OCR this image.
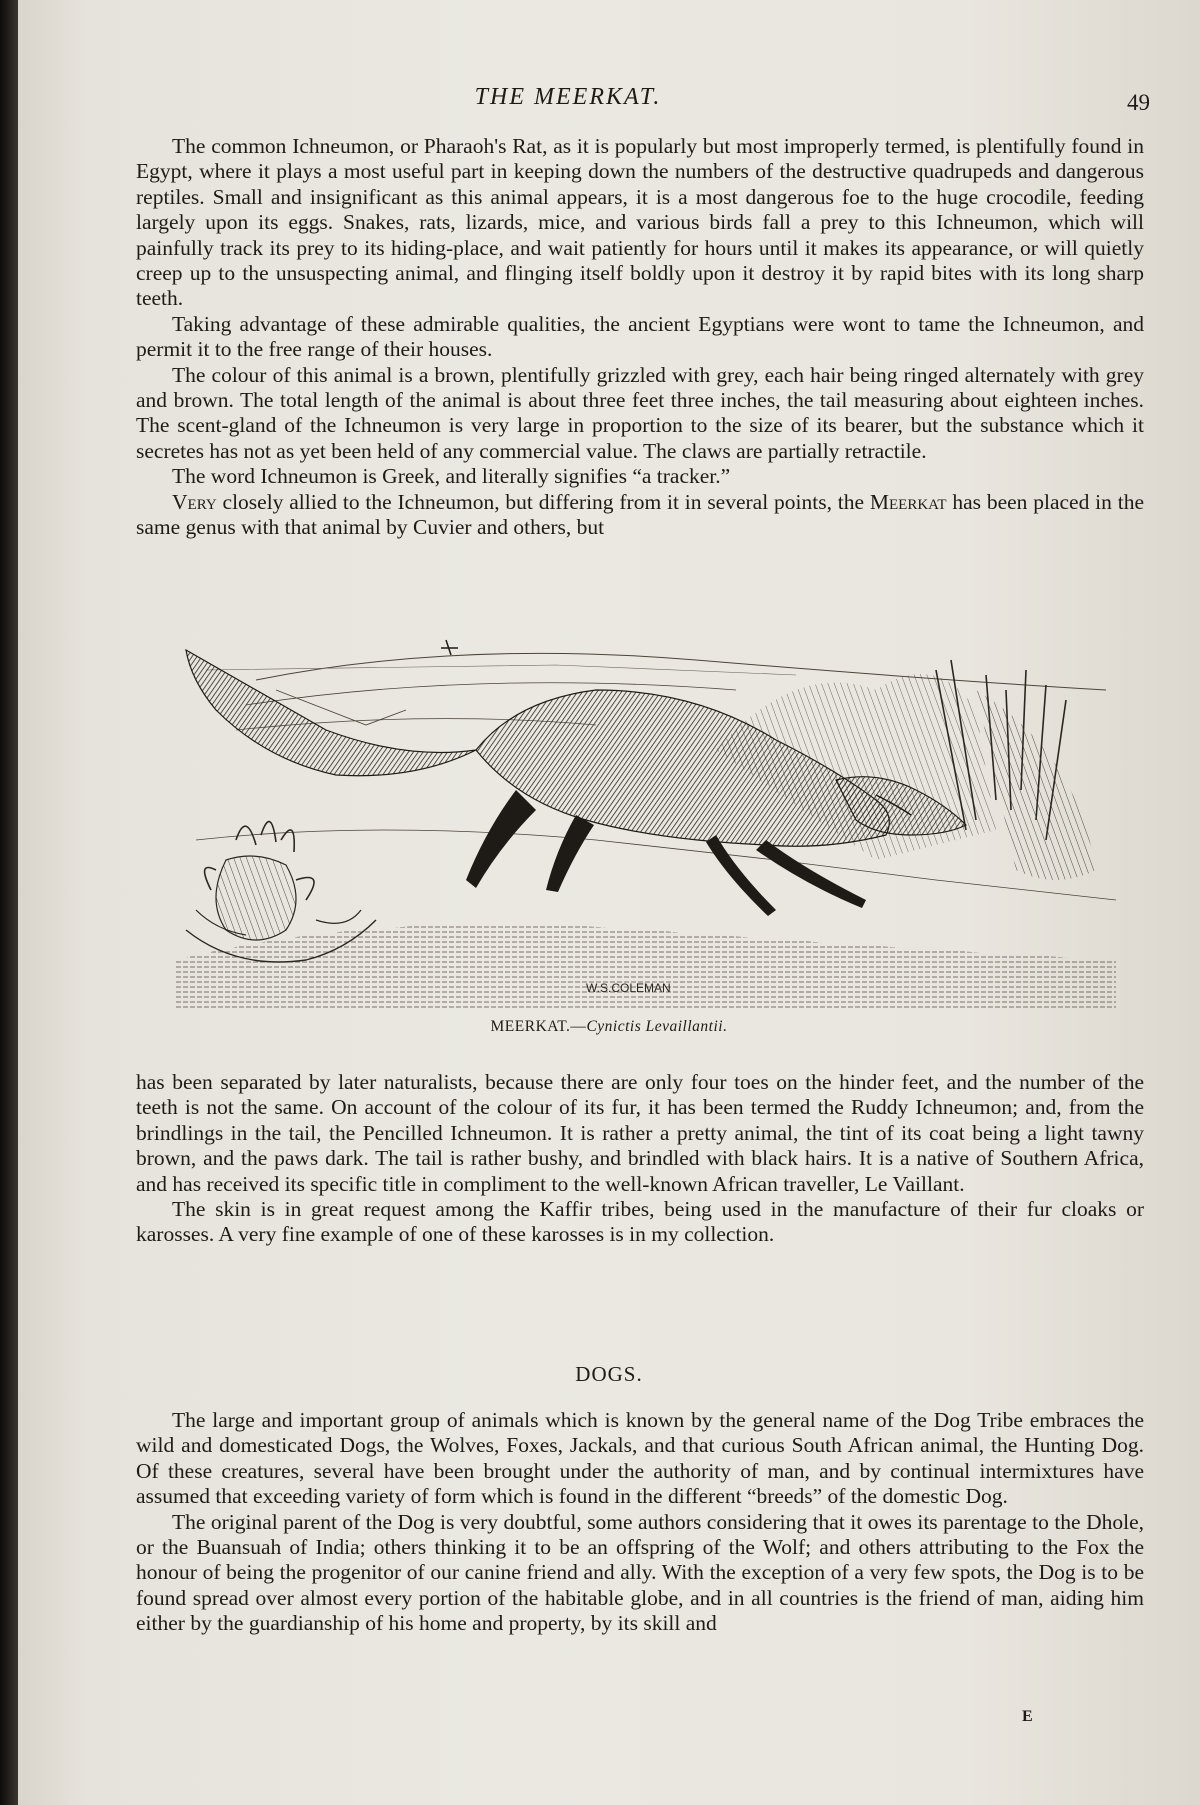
THE MEERKAT.	49

The common Ichneumon, or Pharaoh's Rat, as it is popularly but most improperly termed, is plentifully found in Egypt, where it plays a most useful part in keeping down the numbers of the destructive quadrupeds and dangerous reptiles. Small and insignificant as this animal appears, it is a most dangerous foe to the huge crocodile, feeding largely upon its eggs. Snakes, rats, lizards, mice, and various birds fall a prey to this Ichneumon, which will painfully track its prey to its hiding-place, and wait patiently for hours until it makes its appearance, or will quietly creep up to the unsuspecting animal, and flinging itself boldly upon it destroy it by rapid bites with its long sharp teeth.

Taking advantage of these admirable qualities, the ancient Egyptians were wont to tame the Ichneumon, and permit it to the free range of their houses.

The colour of this animal is a brown, plentifully grizzled with grey, each hair being ringed alternately with grey and brown. The total length of the animal is about three feet three inches, the tail measuring about eighteen inches. The scent-gland of the Ichneumon is very large in proportion to the size of its bearer, but the substance which it secretes has not as yet been held of any commercial value. The claws are partially retractile.

The word Ichneumon is Greek, and literally signifies “a tracker.”

Very closely allied to the Ichneumon, but differing from it in several points, the Meerkat has been placed in the same genus with that animal by Cuvier and others, but

W.S.COLEMAN
MEERKAT.—Cynictis Levaillantii.

has been separated by later naturalists, because there are only four toes on the hinder feet, and the number of the teeth is not the same. On account of the colour of its fur, it has been termed the Ruddy Ichneumon; and, from the brindlings in the tail, the Pencilled Ichneumon. It is rather a pretty animal, the tint of its coat being a light tawny brown, and the paws dark. The tail is rather bushy, and brindled with black hairs. It is a native of Southern Africa, and has received its specific title in compliment to the well-known African traveller, Le Vaillant.

The skin is in great request among the Kaffir tribes, being used in the manufacture of their fur cloaks or karosses. A very fine example of one of these karosses is in my collection.

DOGS.

The large and important group of animals which is known by the general name of the Dog Tribe embraces the wild and domesticated Dogs, the Wolves, Foxes, Jackals, and that curious South African animal, the Hunting Dog. Of these creatures, several have been brought under the authority of man, and by continual intermixtures have assumed that exceeding variety of form which is found in the different “breeds” of the domestic Dog.

The original parent of the Dog is very doubtful, some authors considering that it owes its parentage to the Dhole, or the Buansuah of India; others thinking it to be an offspring of the Wolf; and others attributing to the Fox the honour of being the progenitor of our canine friend and ally. With the exception of a very few spots, the Dog is to be found spread over almost every portion of the habitable globe, and in all countries is the friend of man, aiding him either by the guardianship of his home and property, by its skill and

E
